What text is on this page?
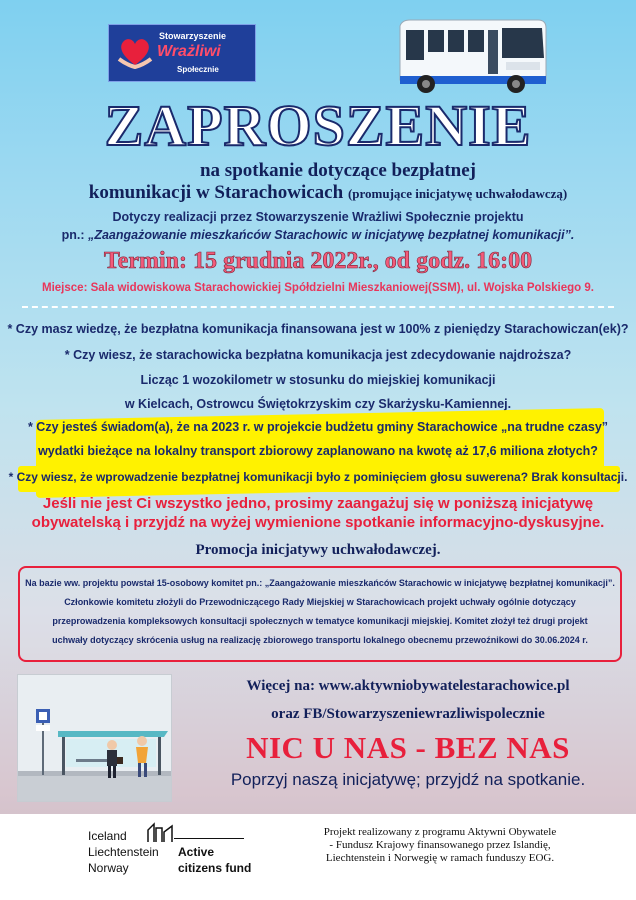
Stowarzyszenie
Wrażliwi
Społecznie
ZAPROSZENIE
na spotkanie dotyczące bezpłatnej
komunikacji w Starachowicach (promujące inicjatywę uchwałodawczą)
Dotyczy realizacji przez Stowarzyszenie Wrażliwi Społecznie projektu
pn.: „Zaangażowanie mieszkańców Starachowic w inicjatywę bezpłatnej komunikacji”.
Termin: 15 grudnia 2022r., od godz. 16:00
Miejsce: Sala widowiskowa Starachowickiej Spółdzielni Mieszkaniowej(SSM), ul. Wojska Polskiego 9.
* Czy masz wiedzę, że bezpłatna komunikacja finansowana jest w 100% z pieniędzy Starachowiczan(ek)?
* Czy wiesz, że starachowicka bezpłatna komunikacja jest zdecydowanie najdroższa?
Licząc 1 wozokilometr w stosunku do miejskiej komunikacji
w Kielcach, Ostrowcu Świętokrzyskim czy Skarżysku-Kamiennej.
* Czy jesteś świadom(a), że na 2023 r. w projekcie budżetu gminy Starachowice „na trudne czasy”
wydatki bieżące na lokalny transport zbiorowy zaplanowano na kwotę aż 17,6 miliona złotych?
* Czy wiesz, że wprowadzenie bezpłatnej komunikacji było z pominięciem głosu suwerena? Brak konsultacji.
Jeśli nie jest Ci wszystko jedno, prosimy zaangażuj się w poniższą inicjatywę
obywatelską i przyjdź na wyżej wymienione spotkanie informacyjno-dyskusyjne.
Promocja inicjatywy uchwałodawczej.

Na bazie ww. projektu powstał 15-osobowy komitet pn.: „Zaangażowanie mieszkańców Starachowic w inicjatywę bezpłatnej komunikacji”.

Członkowie komitetu złożyli do Przewodniczącego Rady Miejskiej w Starachowicach projekt uchwały ogólnie dotyczący

przeprowadzenia kompleksowych konsultacji społecznych w tematyce komunikacji miejskiej. Komitet złożył też drugi projekt

uchwały dotyczący skrócenia usług na realizację zbiorowego transportu lokalnego obecnemu przewoźnikowi do 30.06.2024 r.

Więcej na: www.aktywniobywatelestarachowice.pl
oraz FB/Stowarzyszeniewrazliwispolecznie
NIC U NAS - BEZ NAS
Poprzyj naszą inicjatywę; przyjdź na spotkanie.
Iceland
Liechtenstein
Norway
Active
citizens fund
Projekt realizowany z programu Aktywni Obywatele
- Fundusz Krajowy finansowanego przez Islandię,
Liechtenstein i Norwegię w ramach funduszy EOG.
